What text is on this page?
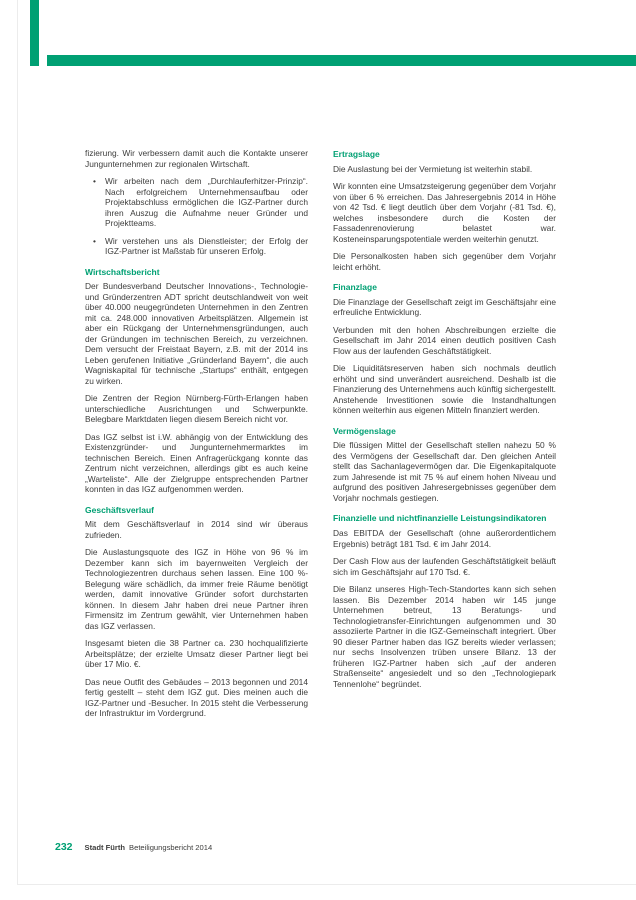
fizierung. Wir verbessern damit auch die Kontakte unserer Jungunternehmen zur regionalen Wirtschaft.

•	Wir arbeiten nach dem „Durchlauferhitzer-Prinzip“. Nach erfolgreichem Unternehmensaufbau oder Projektabschluss ermöglichen die IGZ-Partner durch ihren Auszug die Aufnahme neuer Gründer und Projektteams.
•	Wir verstehen uns als Dienstleister; der Erfolg der IGZ-Partner ist Maßstab für unseren Erfolg.
Wirtschaftsbericht

Der Bundesverband Deutscher Innovations-, Technologie- und Gründerzentren ADT spricht deutschlandweit von weit über 40.000 neugegründeten Unternehmen in den Zentren mit ca. 248.000 innovativen Arbeitsplätzen. Allgemein ist aber ein Rückgang der Unternehmensgründungen, auch der Gründungen im technischen Bereich, zu verzeichnen. Dem versucht der Freistaat Bayern, z.B. mit der 2014 ins Leben gerufenen Initiative „Gründerland Bayern“, die auch Wagniskapital für technische „Startups“ enthält, entgegen zu wirken.

Die Zentren der Region Nürnberg-Fürth-Erlangen haben unterschiedliche Ausrichtungen und Schwerpunkte. Belegbare Marktdaten liegen diesem Bereich nicht vor.

Das IGZ selbst ist i.W. abhängig von der Entwicklung des Existenzgründer- und Jungunternehmermarktes im technischen Bereich. Einen Anfragerückgang konnte das Zentrum nicht verzeichnen, allerdings gibt es auch keine „Warteliste“. Alle der Zielgruppe entsprechenden Partner konnten in das IGZ aufgenommen werden.

Geschäftsverlauf

Mit dem Geschäftsverlauf in 2014 sind wir überaus zufrieden.

Die Auslastungsquote des IGZ in Höhe von 96 % im Dezember kann sich im bayernweiten Vergleich der Technologiezentren durchaus sehen lassen. Eine 100 %- Belegung wäre schädlich, da immer freie Räume benötigt werden, damit innovative Gründer sofort durchstarten können. In diesem Jahr haben drei neue Partner ihren Firmensitz im Zentrum gewählt, vier Unternehmen haben das IGZ verlassen.

Insgesamt bieten die 38 Partner ca. 230 hochqualifizierte Arbeitsplätze; der erzielte Umsatz dieser Partner liegt bei über 17 Mio. €.

Das neue Outfit des Gebäudes – 2013 begonnen und 2014 fertig gestellt – steht dem IGZ gut. Dies meinen auch die IGZ-Partner und -Besucher. In 2015 steht die Verbesserung der Infrastruktur im Vordergrund.

Ertragslage

Die Auslastung bei der Vermietung ist weiterhin stabil.

Wir konnten eine Umsatzsteigerung gegenüber dem Vorjahr von über 6 % erreichen. Das Jahresergebnis 2014 in Höhe von 42 Tsd. € liegt deutlich über dem Vorjahr (-81 Tsd. €), welches insbesondere durch die Kosten der Fassadenrenovierung belastet war. Kosteneinsparungspotentiale werden weiterhin genutzt.

Die Personalkosten haben sich gegenüber dem Vorjahr leicht erhöht.

Finanzlage

Die Finanzlage der Gesellschaft zeigt im Geschäftsjahr eine erfreuliche Entwicklung.

Verbunden mit den hohen Abschreibungen erzielte die Gesellschaft im Jahr 2014 einen deutlich positiven Cash Flow aus der laufenden Geschäftstätigkeit.

Die Liquiditätsreserven haben sich nochmals deutlich erhöht und sind unverändert ausreichend. Deshalb ist die Finanzierung des Unternehmens auch künftig sichergestellt. Anstehende Investitionen sowie die Instandhaltungen können weiterhin aus eigenen Mitteln finanziert werden.

Vermögenslage

Die flüssigen Mittel der Gesellschaft stellen nahezu 50 % des Vermögens der Gesellschaft dar. Den gleichen Anteil stellt das Sachanlagevermögen dar. Die Eigenkapitalquote zum Jahresende ist mit 75 % auf einem hohen Niveau und aufgrund des positiven Jahresergebnisses gegenüber dem Vorjahr nochmals gestiegen.

Finanzielle und nichtfinanzielle Leistungsindikatoren

Das EBITDA der Gesellschaft (ohne außerordentlichem Ergebnis) beträgt 181 Tsd. € im Jahr 2014.

Der Cash Flow aus der laufenden Geschäftstätigkeit beläuft sich im Geschäftsjahr auf 170 Tsd. €.

Die Bilanz unseres High-Tech-Standortes kann sich sehen lassen. Bis Dezember 2014 haben wir 145 junge Unternehmen betreut, 13 Beratungs- und Technologietransfer-Einrichtungen aufgenommen und 30 assoziierte Partner in die IGZ-Gemeinschaft integriert. Über 90 dieser Partner haben das IGZ bereits wieder verlassen; nur sechs Insolvenzen trüben unsere Bilanz. 13 der früheren IGZ-Partner haben sich „auf der anderen Straßenseite“ angesiedelt und so den „Technologiepark Tennenlohe“ begründet.

232 Stadt Fürth Beteiligungsbericht 2014
